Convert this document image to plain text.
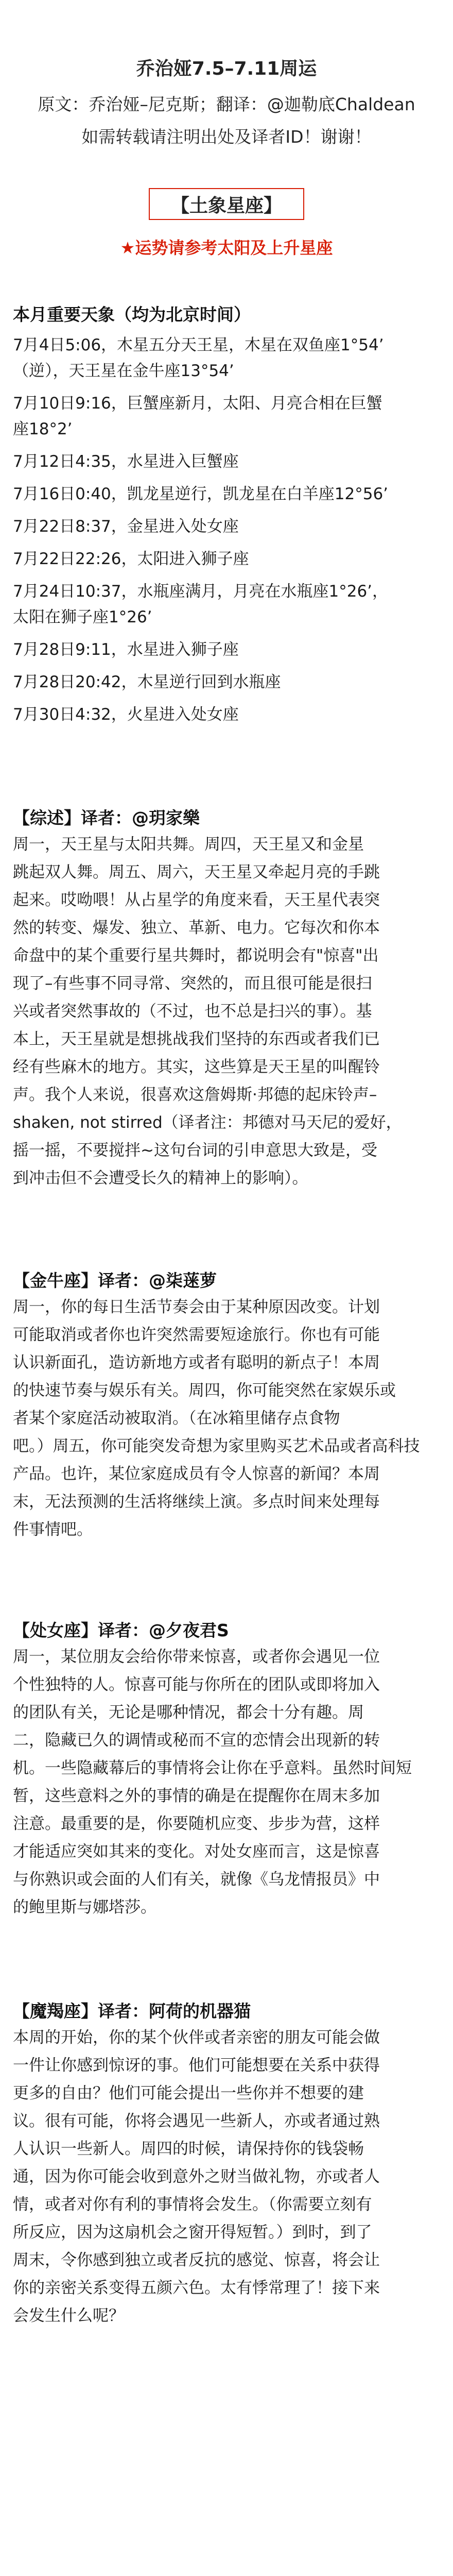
乔治娅7.5–7.11周运
原文：乔治娅–尼克斯；翻译：@迦勒底Chaldean
如需转载请注明出处及译者ID！谢谢！
【土象星座】
★运势请参考太阳及上升星座
本月重要天象（均为北京时间）
7月4日5:06，木星五分天王星，木星在双鱼座1°54’
（逆），天王星在金牛座13°54’
7月10日9:16，巨蟹座新月，太阳、月亮合相在巨蟹
座18°2’
7月12日4:35，水星进入巨蟹座
7月16日0:40，凯龙星逆行，凯龙星在白羊座12°56’
7月22日8:37，金星进入处女座
7月22日22:26，太阳进入狮子座
7月24日10:37，水瓶座满月，月亮在水瓶座1°26’，
太阳在狮子座1°26’
7月28日9:11，水星进入狮子座
7月28日20:42，木星逆行回到水瓶座
7月30日4:32，火星进入处女座
【综述】译者：@玥家樂
周一，天王星与太阳共舞。周四，天王星又和金星
跳起双人舞。周五、周六，天王星又牵起月亮的手跳
起来。哎呦喂！从占星学的角度来看，天王星代表突
然的转变、爆发、独立、革新、电力。它每次和你本
命盘中的某个重要行星共舞时，都说明会有"惊喜"出
现了–有些事不同寻常、突然的，而且很可能是很扫
兴或者突然事故的（不过，也不总是扫兴的事）。基
本上，天王星就是想挑战我们坚持的东西或者我们已
经有些麻木的地方。其实，这些算是天王星的叫醒铃
声。我个人来说，很喜欢这詹姆斯·邦德的起床铃声–
shaken, not stirred（译者注：邦德对马天尼的爱好，
摇一摇，不要搅拌~这句台词的引申意思大致是，受
到冲击但不会遭受长久的精神上的影响）。
【金牛座】译者：@柒蒾萝
周一，你的每日生活节奏会由于某种原因改变。计划
可能取消或者你也许突然需要短途旅行。你也有可能
认识新面孔，造访新地方或者有聪明的新点子！本周
的快速节奏与娱乐有关。周四，你可能突然在家娱乐或
者某个家庭活动被取消。（在冰箱里储存点食物
吧。）周五，你可能突发奇想为家里购买艺术品或者高科技
产品。也许，某位家庭成员有令人惊喜的新闻？本周
末，无法预测的生活将继续上演。多点时间来处理每
件事情吧。
【处女座】译者：@夕夜君S
周一，某位朋友会给你带来惊喜，或者你会遇见一位
个性独特的人。惊喜可能与你所在的团队或即将加入
的团队有关，无论是哪种情况，都会十分有趣。周
二，隐藏已久的调情或秘而不宣的恋情会出现新的转
机。一些隐藏幕后的事情将会让你在乎意料。虽然时间短
暂，这些意料之外的事情的确是在提醒你在周末多加
注意。最重要的是，你要随机应变、步步为营，这样
才能适应突如其来的变化。对处女座而言，这是惊喜
与你熟识或会面的人们有关，就像《乌龙情报员》中
的鲍里斯与娜塔莎。
【魔羯座】译者：阿荷的机器猫
本周的开始，你的某个伙伴或者亲密的朋友可能会做
一件让你感到惊讶的事。他们可能想要在关系中获得
更多的自由？他们可能会提出一些你并不想要的建
议。很有可能，你将会遇见一些新人，亦或者通过熟
人认识一些新人。周四的时候，请保持你的钱袋畅
通，因为你可能会收到意外之财当做礼物，亦或者人
情，或者对你有利的事情将会发生。（你需要立刻有
所反应，因为这扇机会之窗开得短暂。）到时，到了
周末，令你感到独立或者反抗的感觉、惊喜，将会让
你的亲密关系变得五颜六色。太有悸常理了！接下来
会发生什么呢？
